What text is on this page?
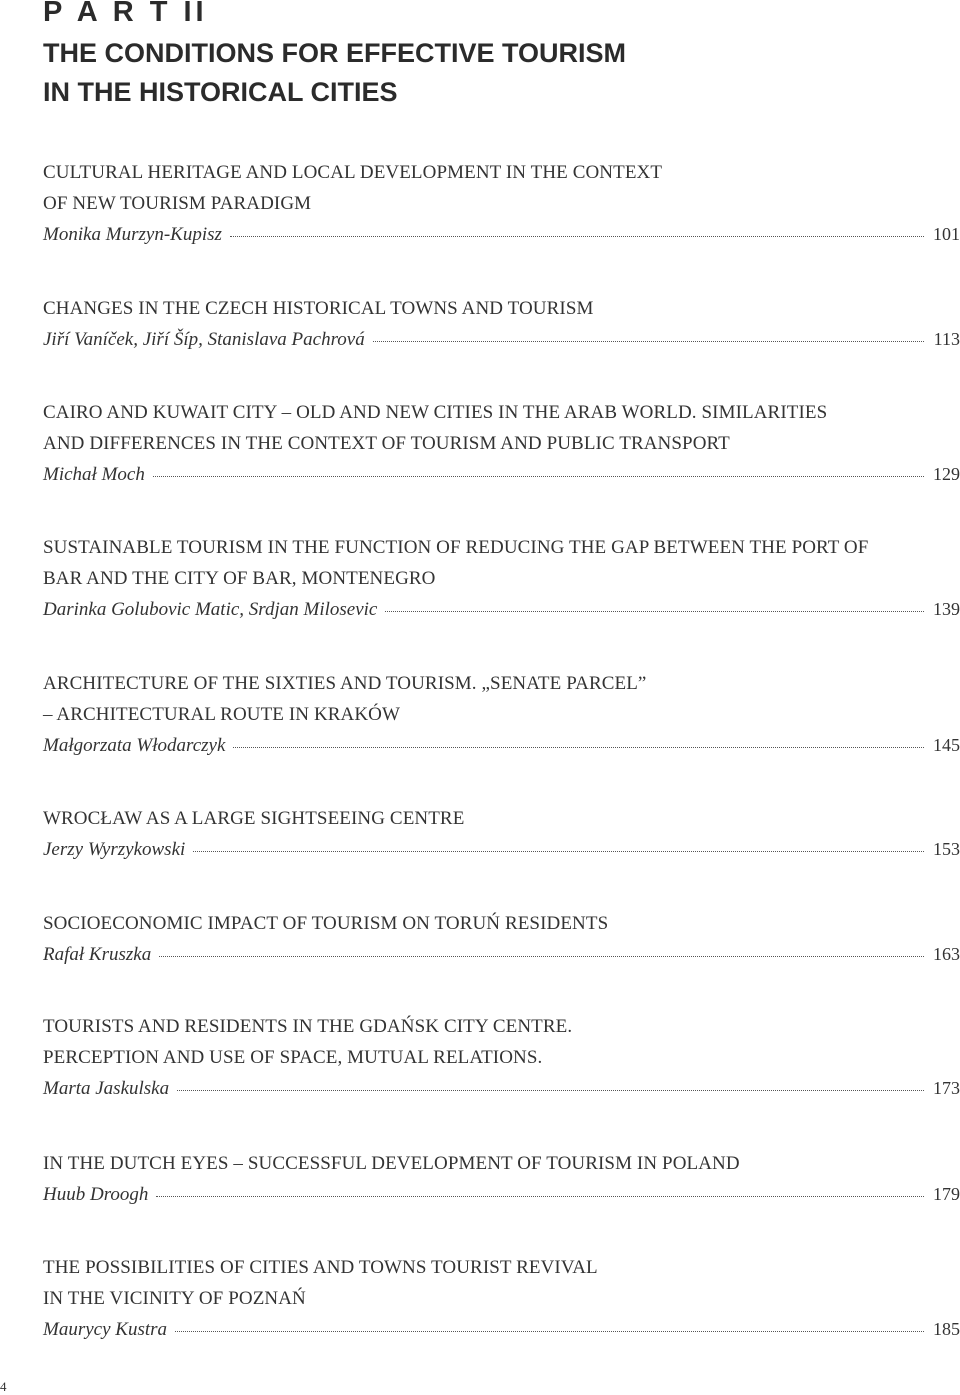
P A R T II
THE CONDITIONS FOR EFFECTIVE TOURISM
IN THE HISTORICAL CITIES
CULTURAL HERITAGE AND LOCAL DEVELOPMENT IN THE CONTEXT
OF NEW TOURISM PARADIGM
Monika Murzyn-Kupisz	101
CHANGES IN THE CZECH HISTORICAL TOWNS AND TOURISM
Jiří Vaníček, Jiří Šíp, Stanislava Pachrová	113
CAIRO AND KUWAIT CITY – OLD AND NEW CITIES IN THE ARAB WORLD. SIMILARITIES
AND DIFFERENCES IN THE CONTEXT OF TOURISM AND PUBLIC TRANSPORT
Michał Moch	129
SUSTAINABLE TOURISM IN THE FUNCTION OF REDUCING THE GAP BETWEEN THE PORT OF
BAR AND THE CITY OF BAR, MONTENEGRO
Darinka Golubovic Matic, Srdjan Milosevic	139
ARCHITECTURE OF THE SIXTIES AND TOURISM. „SENATE PARCEL”
– ARCHITECTURAL ROUTE IN KRAKÓW
Małgorzata Włodarczyk	145
WROCŁAW AS A LARGE SIGHTSEEING CENTRE
Jerzy Wyrzykowski	153
SOCIOECONOMIC IMPACT OF TOURISM ON TORUŃ RESIDENTS
Rafał Kruszka	163
TOURISTS AND RESIDENTS IN THE GDAŃSK CITY CENTRE.
PERCEPTION AND USE OF SPACE, MUTUAL RELATIONS.
Marta Jaskulska	173
IN THE DUTCH EYES – SUCCESSFUL DEVELOPMENT OF TOURISM IN POLAND
Huub Droogh	179
THE POSSIBILITIES OF CITIES AND TOWNS TOURIST REVIVAL
IN THE VICINITY OF POZNAŃ
Maurycy Kustra	185
4
